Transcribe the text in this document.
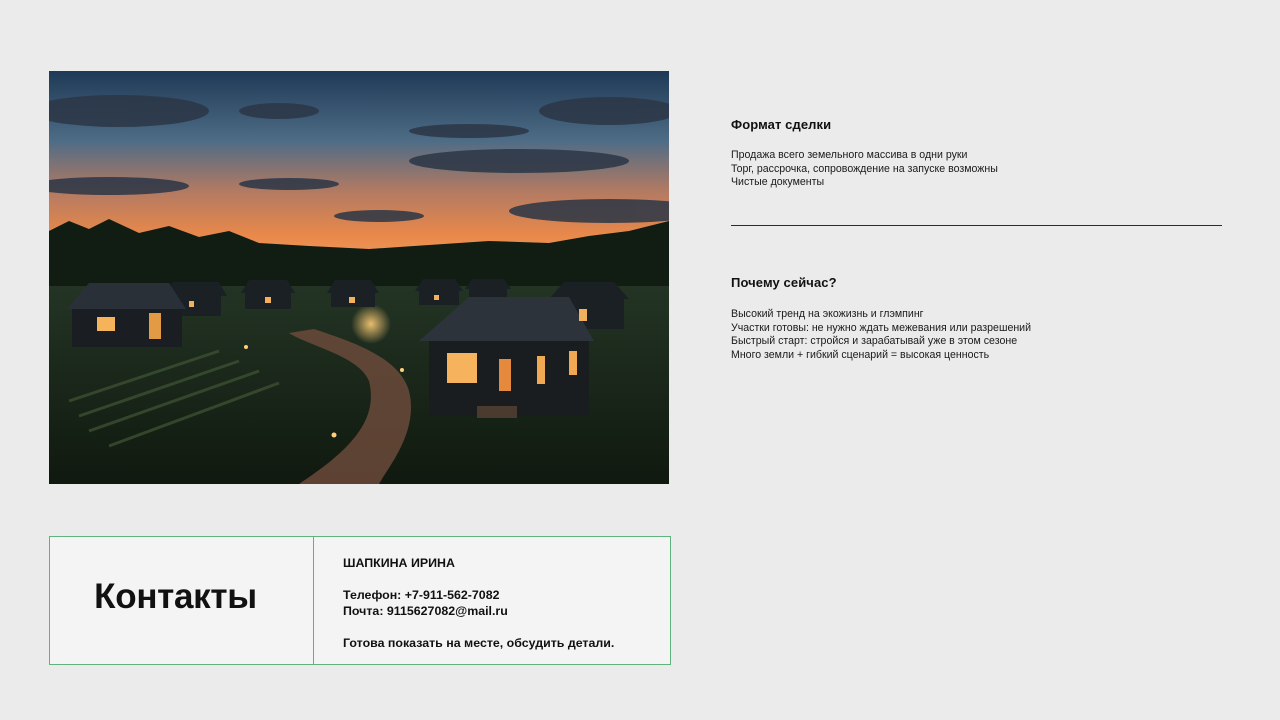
Формат сделки
Продажа всего земельного массива в одни руки
Торг, рассрочка, сопровождение на запуске возможны
Чистые документы
Почему сейчас?
Высокий тренд на экожизнь и глэмпинг
Участки готовы: не нужно ждать межевания или разрешений
Быстрый старт: стройся и зарабатывай уже в этом сезоне
Много земли + гибкий сценарий = высокая ценность
Контакты
ШАПКИНА ИРИНА
Телефон: +7-911-562-7082
Почта: 9115627082@mail.ru
Готова показать на месте, обсудить детали.
